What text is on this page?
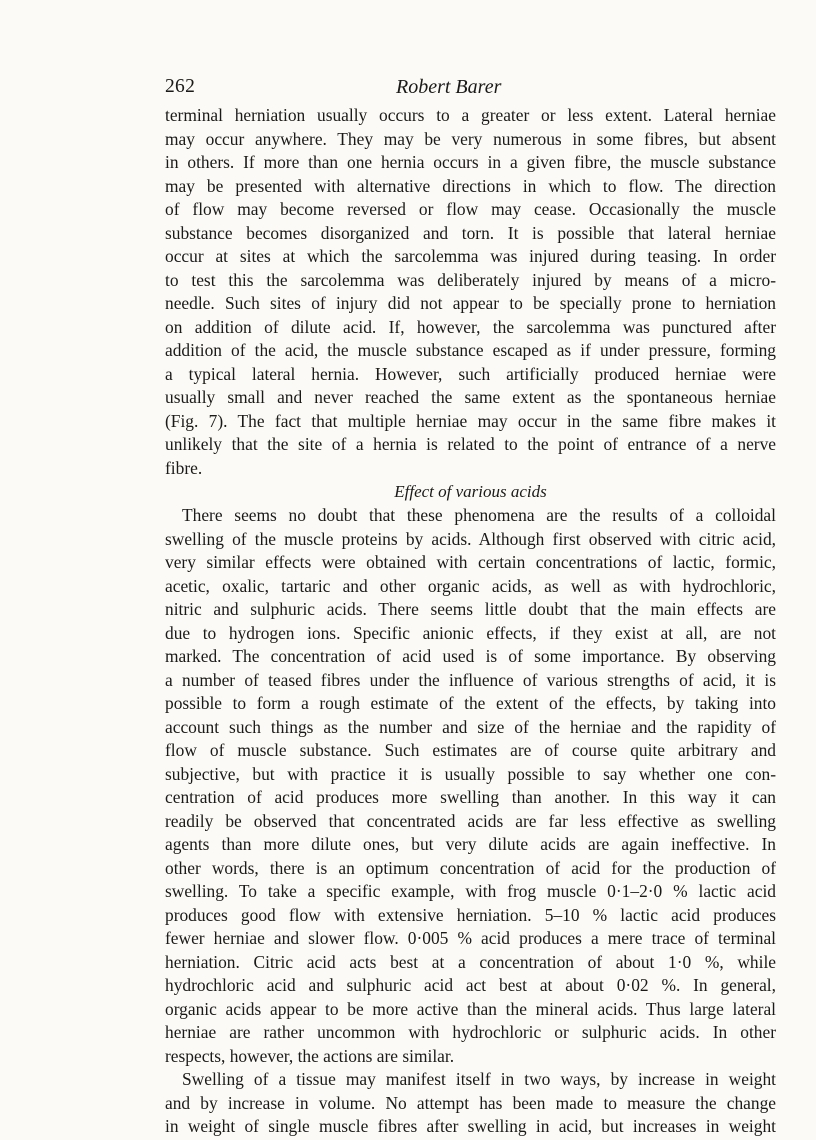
262	Robert Barer
terminal herniation usually occurs to a greater or less extent. Lateral herniae
may occur anywhere. They may be very numerous in some fibres, but absent
in others. If more than one hernia occurs in a given fibre, the muscle substance
may be presented with alternative directions in which to flow. The direction
of flow may become reversed or flow may cease. Occasionally the muscle
substance becomes disorganized and torn. It is possible that lateral herniae
occur at sites at which the sarcolemma was injured during teasing. In order
to test this the sarcolemma was deliberately injured by means of a micro-
needle. Such sites of injury did not appear to be specially prone to herniation
on addition of dilute acid. If, however, the sarcolemma was punctured after
addition of the acid, the muscle substance escaped as if under pressure, forming
a typical lateral hernia. However, such artificially produced herniae were
usually small and never reached the same extent as the spontaneous herniae
(Fig. 7). The fact that multiple herniae may occur in the same fibre makes it
unlikely that the site of a hernia is related to the point of entrance of a nerve
fibre.
Effect of various acids
There seems no doubt that these phenomena are the results of a colloidal
swelling of the muscle proteins by acids. Although first observed with citric acid,
very similar effects were obtained with certain concentrations of lactic, formic,
acetic, oxalic, tartaric and other organic acids, as well as with hydrochloric,
nitric and sulphuric acids. There seems little doubt that the main effects are
due to hydrogen ions. Specific anionic effects, if they exist at all, are not
marked. The concentration of acid used is of some importance. By observing
a number of teased fibres under the influence of various strengths of acid, it is
possible to form a rough estimate of the extent of the effects, by taking into
account such things as the number and size of the herniae and the rapidity of
flow of muscle substance. Such estimates are of course quite arbitrary and
subjective, but with practice it is usually possible to say whether one con-
centration of acid produces more swelling than another. In this way it can
readily be observed that concentrated acids are far less effective as swelling
agents than more dilute ones, but very dilute acids are again ineffective. In
other words, there is an optimum concentration of acid for the production of
swelling. To take a specific example, with frog muscle 0·1–2·0 % lactic acid
produces good flow with extensive herniation. 5–10 % lactic acid produces
fewer herniae and slower flow. 0·005 % acid produces a mere trace of terminal
herniation. Citric acid acts best at a concentration of about 1·0 %, while
hydrochloric acid and sulphuric acid act best at about 0·02 %. In general,
organic acids appear to be more active than the mineral acids. Thus large lateral
herniae are rather uncommon with hydrochloric or sulphuric acids. In other
respects, however, the actions are similar.
Swelling of a tissue may manifest itself in two ways, by increase in weight
and by increase in volume. No attempt has been made to measure the change
in weight of single muscle fibres after swelling in acid, but increases in weight
